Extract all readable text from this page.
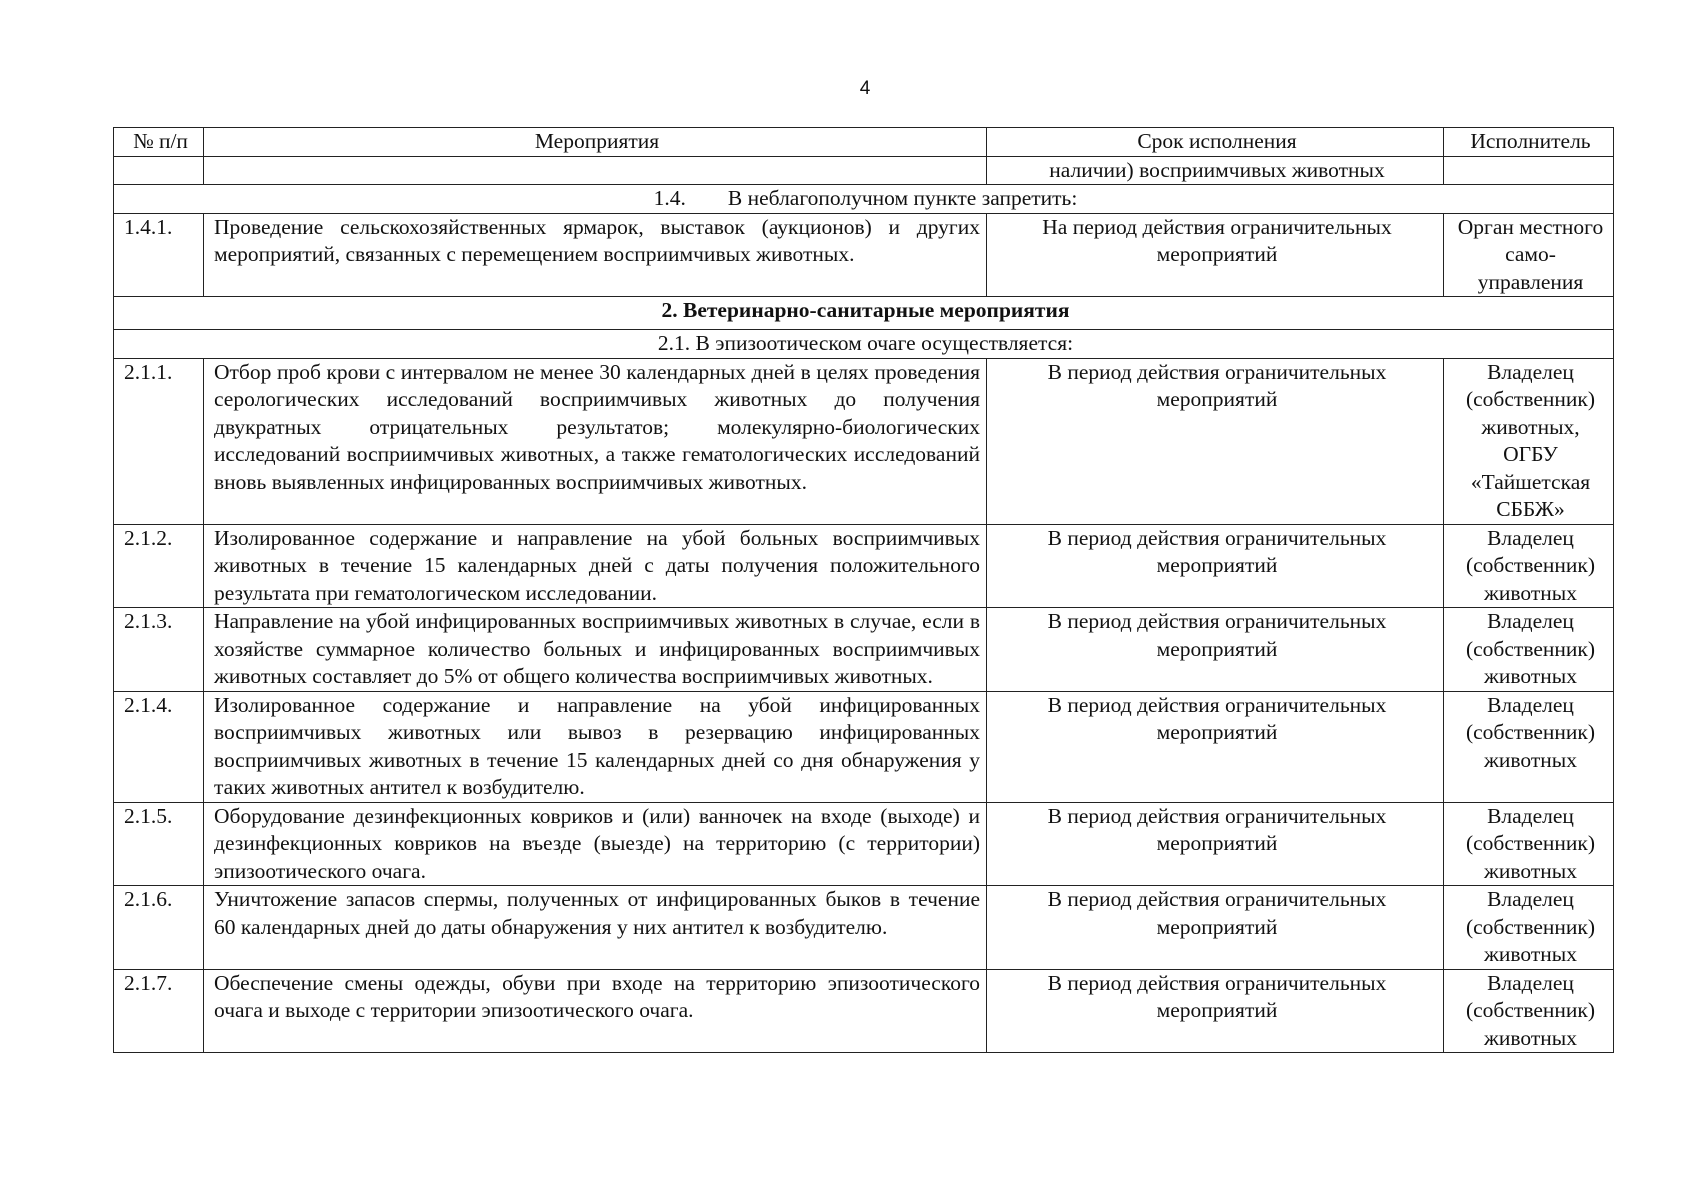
4
№ п/п	Мероприятия	Срок исполнения	Исполнитель
		наличии) восприимчивых животных	
1.4. В неблагополучном пункте запретить:			
1.4.1.	Проведение сельскохозяйственных ярмарок, выставок (аукционов) и других мероприятий, связанных с перемещением восприимчивых животных.	На период действия ограничительных мероприятий	Орган местного само-управления
2. Ветеринарно-санитарные мероприятия			
2.1. В эпизоотическом очаге осуществляется:			
2.1.1.	Отбор проб крови с интервалом не менее 30 календарных дней в целях проведения серологических исследований восприимчивых животных до получения двукратных отрицательных результатов; молекулярно-биологических исследований восприимчивых животных, а также гематологических исследований вновь выявленных инфицированных восприимчивых животных.	В период действия ограничительных мероприятий	Владелец (собственник) животных, ОГБУ «Тайшетская СББЖ»
2.1.2.	Изолированное содержание и направление на убой больных восприимчивых животных в течение 15 календарных дней с даты получения положительного результата при гематологическом исследовании.	В период действия ограничительных мероприятий	Владелец (собственник) животных
2.1.3.	Направление на убой инфицированных восприимчивых животных в случае, если в хозяйстве суммарное количество больных и инфицированных восприимчивых животных составляет до 5% от общего количества восприимчивых животных.	В период действия ограничительных мероприятий	Владелец (собственник) животных
2.1.4.	Изолированное содержание и направление на убой инфицированных восприимчивых животных или вывоз в резервацию инфицированных восприимчивых животных в течение 15 календарных дней со дня обнаружения у таких животных антител к возбудителю.	В период действия ограничительных мероприятий	Владелец (собственник) животных
2.1.5.	Оборудование дезинфекционных ковриков и (или) ванночек на входе (выходе) и дезинфекционных ковриков на въезде (выезде) на территорию (с территории) эпизоотического очага.	В период действия ограничительных мероприятий	Владелец (собственник) животных
2.1.6.	Уничтожение запасов спермы, полученных от инфицированных быков в течение 60 календарных дней до даты обнаружения у них антител к возбудителю.	В период действия ограничительных мероприятий	Владелец (собственник) животных
2.1.7.	Обеспечение смены одежды, обуви при входе на территорию эпизоотического очага и выходе с территории эпизоотического очага.	В период действия ограничительных мероприятий	Владелец (собственник) животных
